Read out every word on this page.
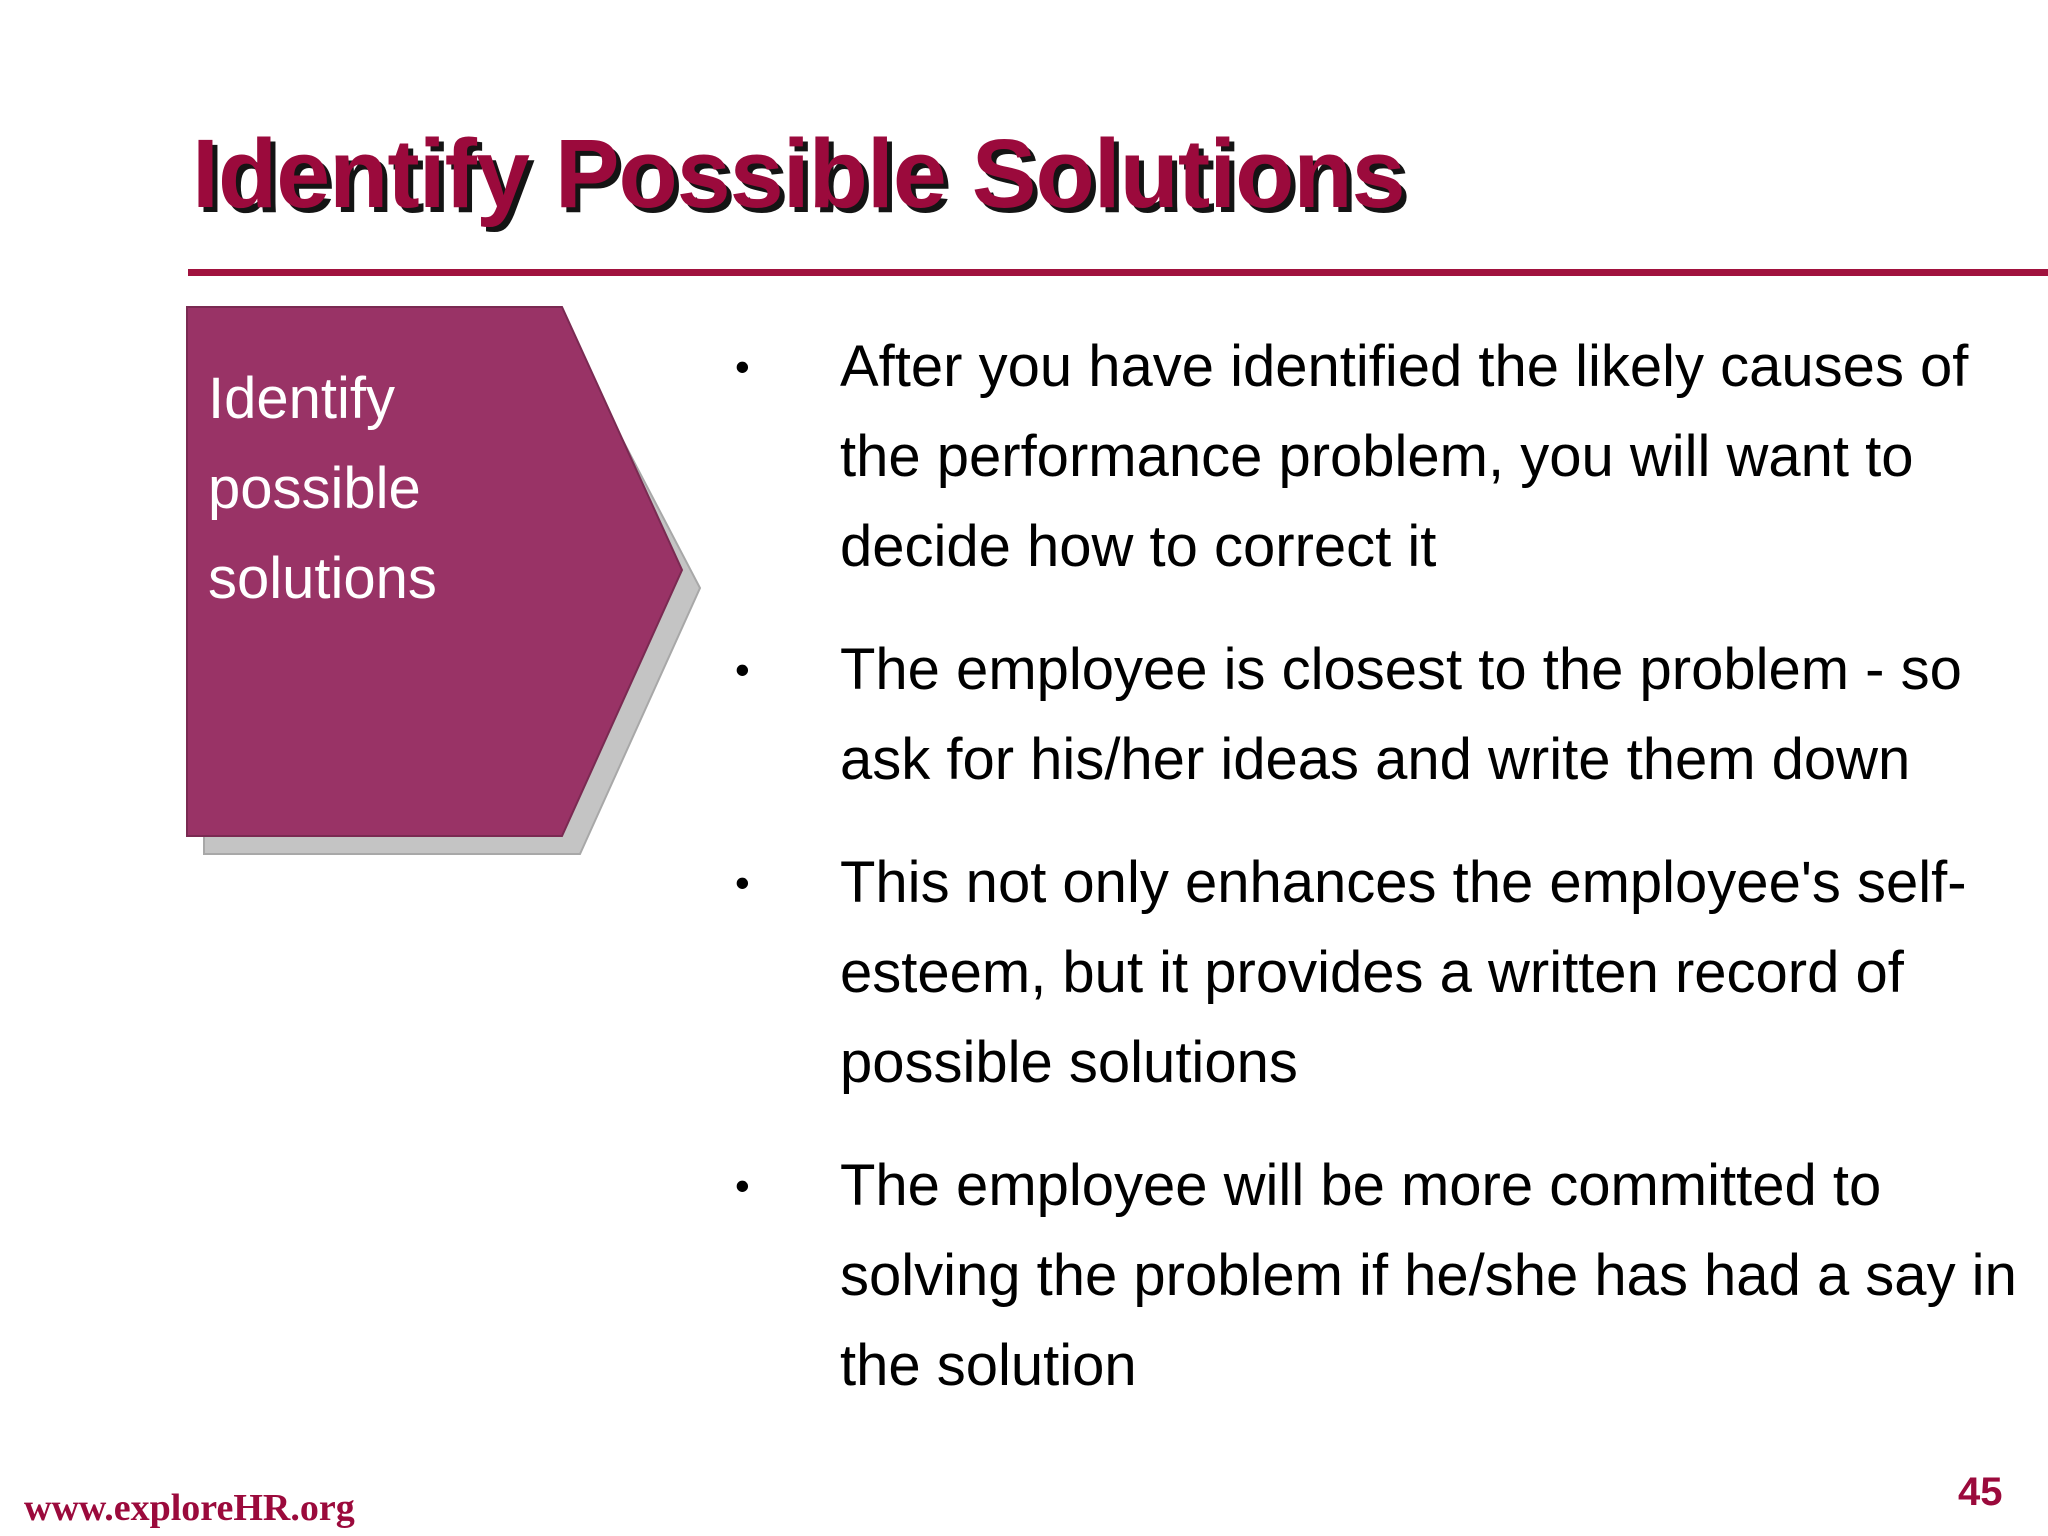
Identify Possible Solutions

Identify possible solutions

• After you have identified the likely causes of the performance problem, you will want to decide how to correct it
• The employee is closest to the problem - so ask for his/her ideas and write them down
• This not only enhances the employee's self-esteem, but it provides a written record of possible solutions
• The employee will be more committed to solving the problem if he/she has had a say in the solution

www.exploreHR.org	45
